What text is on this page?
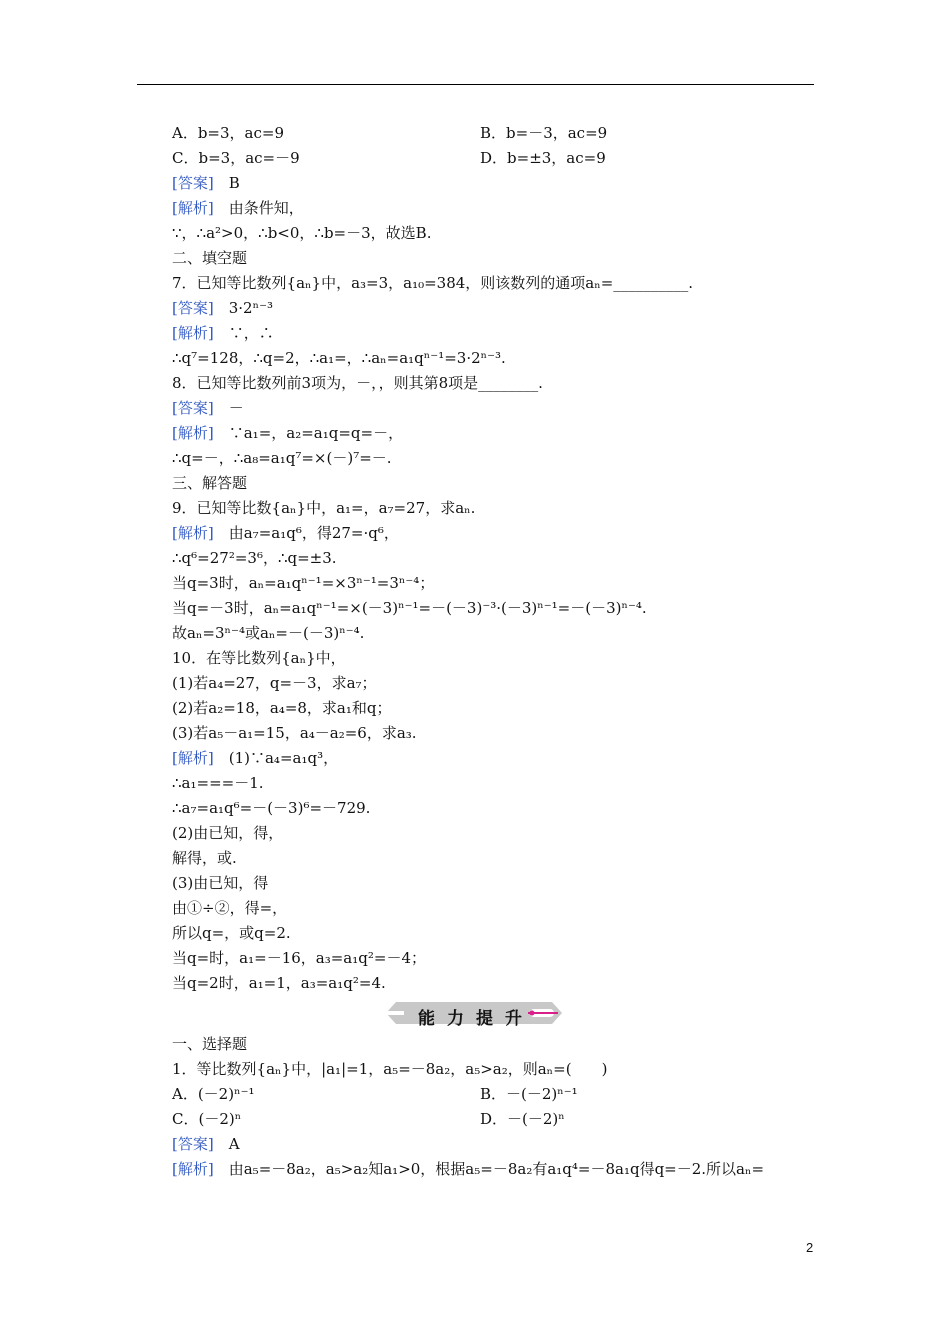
A．b=3，ac=9	B．b=－3，ac=9
C．b=3，ac=－9	D．b=±3，ac=9
[答案]　 B
[解析]　 由条件知，
∵，∴a²>0，∴b<0，∴b=－3，故选B.
二、填空题
7．已知等比数列{aₙ}中，a₃=3，a₁₀=384，则该数列的通项aₙ=__________.
[答案]　 3·2ⁿ⁻³
[解析]　 ∵，∴
∴q⁷=128，∴q=2，∴a₁=，∴aₙ=a₁qⁿ⁻¹=3·2ⁿ⁻³.
8．已知等比数列前3项为，－，，则其第8项是________.
[答案]　 －
[解析]　 ∵a₁=，a₂=a₁q=q=－，
∴q=－，∴a₈=a₁q⁷=×(－)⁷=－.
三、解答题
9．已知等比数{aₙ}中，a₁=，a₇=27，求aₙ.
[解析]　 由a₇=a₁q⁶，得27=·q⁶，
∴q⁶=27²=3⁶，∴q=±3.
当q=3时，aₙ=a₁qⁿ⁻¹=×3ⁿ⁻¹=3ⁿ⁻⁴；
当q=－3时，aₙ=a₁qⁿ⁻¹=×(－3)ⁿ⁻¹=－(－3)⁻³·(－3)ⁿ⁻¹=－(－3)ⁿ⁻⁴.
故aₙ=3ⁿ⁻⁴或aₙ=－(－3)ⁿ⁻⁴.
10．在等比数列{aₙ}中，
(1)若a₄=27，q=－3，求a₇；
(2)若a₂=18，a₄=8，求a₁和q；
(3)若a₅－a₁=15，a₄－a₂=6，求a₃.
[解析]　 (1)∵a₄=a₁q³，
∴a₁===－1.
∴a₇=a₁q⁶=－(－3)⁶=－729.
(2)由已知，得，
解得，或.
(3)由已知，得
由①÷②，得=，
所以q=，或q=2.
当q=时，a₁=－16，a₃=a₁q²=－4；
当q=2时，a₁=1，a₃=a₁q²=4.
能力提升
一、选择题
1．等比数列{aₙ}中，|a₁|=1，a₅=－8a₂，a₅>a₂，则aₙ=(　　)
A．(－2)ⁿ⁻¹	B．－(－2)ⁿ⁻¹
C．(－2)ⁿ	D．－(－2)ⁿ
[答案]　 A
[解析]　 由a₅=－8a₂，a₅>a₂知a₁>0，根据a₅=－8a₂有a₁q⁴=－8a₁q得q=－2.所以aₙ=
2
